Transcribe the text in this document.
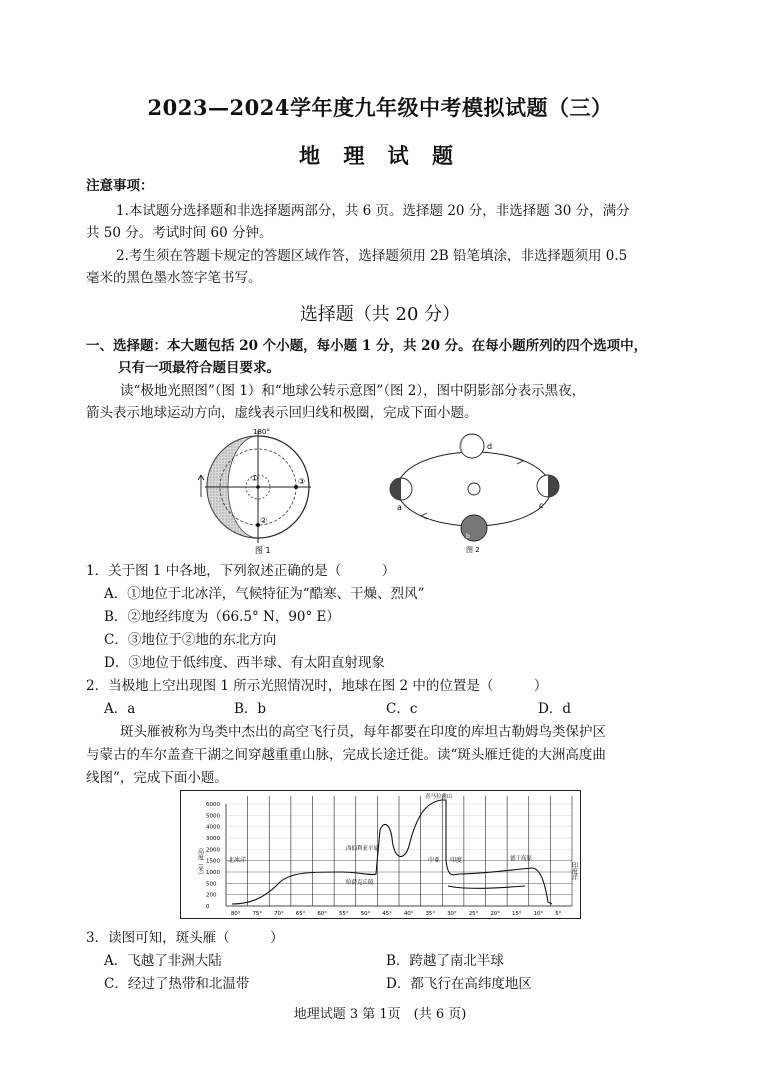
2023—2024学年度九年级中考模拟试题（三）
地 理 试 题
注意事项：
1.本试题分选择题和非选择题两部分，共 6 页。选择题 20 分，非选择题 30 分，满分
共 50 分。考试时间 60 分钟。
2.考生须在答题卡规定的答题区域作答，选择题须用 2B 铅笔填涂，非选择题须用 0.5
毫米的黑色墨水签字笔书写。
选择题（共 20 分）
一、选择题：本大题包括 20 个小题，每小题 1 分，共 20 分。在每小题所列的四个选项中，
只有一项最符合题目要求。
读“极地光照图”（图 1）和“地球公转示意图”（图 2），图中阴影部分表示黑夜，
箭头表示地球运动方向，虚线表示回归线和极圈，完成下面小题。
180°
①	③
②
图 1
d
c
a
b
图 2
1．关于图 1 中各地，下列叙述正确的是（　　　）
A．①地位于北冰洋，气候特征为“酷寒、干燥、烈风”
B．②地经纬度为（66.5° N，90° E）
C．③地位于②地的东北方向
D．③地位于低纬度、西半球、有太阳直射现象
2．当极地上空出现图 1 所示光照情况时，地球在图 2 中的位置是（　　　）
A．a	B．b	C．c	D．d
斑头雁被称为鸟类中杰出的高空飞行员，每年都要在印度的库坦古勒姆鸟类保护区
与蒙古的车尔盖查干湖之间穿越重重山脉，完成长途迁徙。读“斑头雁迁徙的大洲高度曲
线图”，完成下面小题。
6000
5000
4000
3000
2000
1500
1000
500
200
0
80° 75° 70° 65° 60° 55° 50° 45° 40° 35° 30° 25° 20° 15° 10° 5°
高度（米）	北冰洋
西伯利亚平原
哈萨克丘陵
喜马拉雅山
中亚 印度	德干高原
印度洋
3．读图可知，斑头雁（　　　）
A．飞越了非洲大陆	B．跨越了南北半球
C．经过了热带和北温带	D．都飞行在高纬度地区
地理试题 3 第 1页　(共 6 页)
